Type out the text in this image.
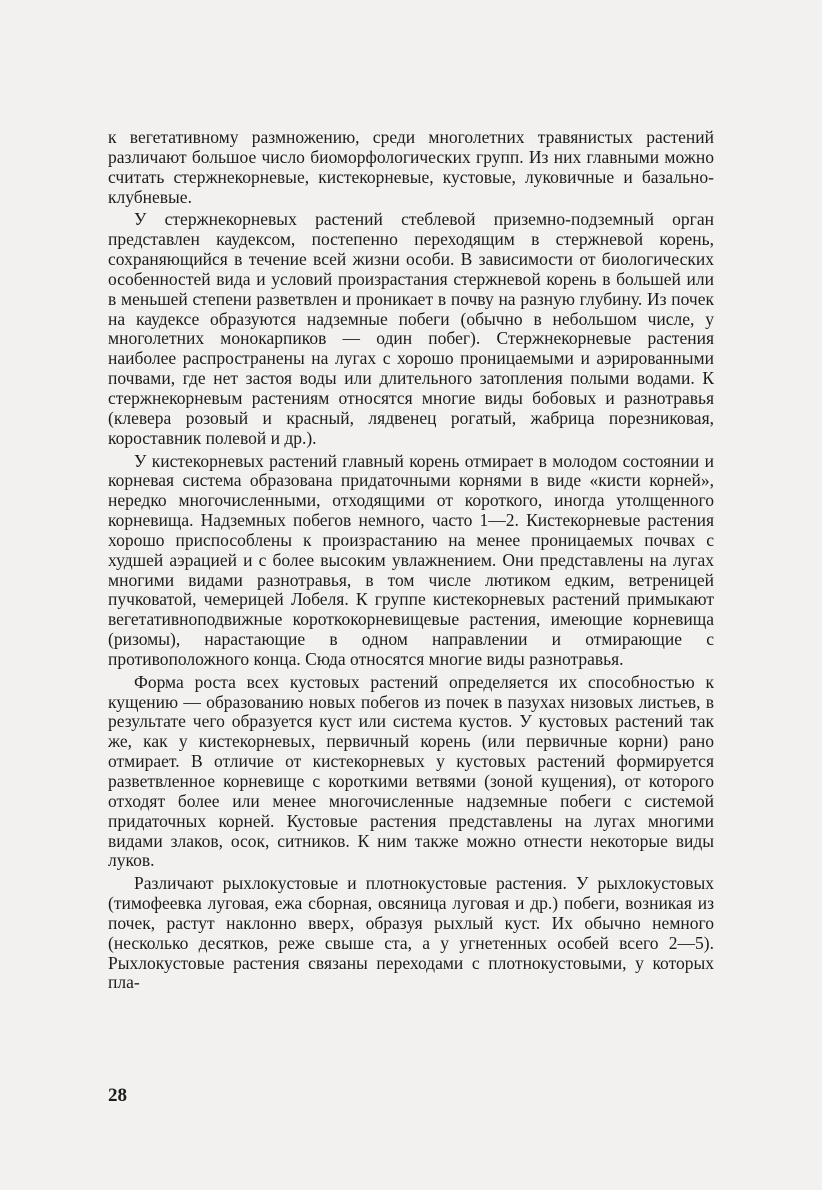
к вегетативному размножению, среди многолетних травянистых растений различают большое число биоморфологических групп. Из них главными можно считать стержнекорневые, кистекорневые, кустовые, луковичные и базально-клубневые.

У стержнекорневых растений стеблевой приземно-подземный орган представлен каудексом, постепенно переходящим в стержневой корень, сохраняющийся в течение всей жизни особи. В зависимости от биологических особенностей вида и условий произрастания стержневой корень в большей или в меньшей степени разветвлен и проникает в почву на разную глубину. Из почек на каудексе образуются надземные побеги (обычно в небольшом числе, у многолетних монокарпиков — один побег). Стержнекорневые растения наиболее распространены на лугах с хорошо проницаемыми и аэрированными почвами, где нет застоя воды или длительного затопления полыми водами. К стержнекорневым растениям относятся многие виды бобовых и разнотравья (клевера розовый и красный, лядвенец рогатый, жабрица порезниковая, короставник полевой и др.).

У кистекорневых растений главный корень отмирает в молодом состоянии и корневая система образована придаточными корнями в виде «кисти корней», нередко многочисленными, отходящими от короткого, иногда утолщенного корневища. Надземных побегов немного, часто 1—2. Кистекорневые растения хорошо приспособлены к произрастанию на менее проницаемых почвах с худшей аэрацией и с более высоким увлажнением. Они представлены на лугах многими видами разнотравья, в том числе лютиком едким, ветреницей пучковатой, чемерицей Лобеля. К группе кистекорневых растений примыкают вегетативноподвижные короткокорневищевые растения, имеющие корневища (ризомы), нарастающие в одном направлении и отмирающие с противоположного конца. Сюда относятся многие виды разнотравья.

Форма роста всех кустовых растений определяется их способностью к кущению — образованию новых побегов из почек в пазухах низовых листьев, в результате чего образуется куст или система кустов. У кустовых растений так же, как у кистекорневых, первичный корень (или первичные корни) рано отмирает. В отличие от кистекорневых у кустовых растений формируется разветвленное корневище с короткими ветвями (зоной кущения), от которого отходят более или менее многочисленные надземные побеги с системой придаточных корней. Кустовые растения представлены на лугах многими видами злаков, осок, ситников. К ним также можно отнести некоторые виды луков.

Различают рыхлокустовые и плотнокустовые растения. У рыхлокустовых (тимофеевка луговая, ежа сборная, овсяница луговая и др.) побеги, возникая из почек, растут наклонно вверх, образуя рыхлый куст. Их обычно немного (несколько десятков, реже свыше ста, а у угнетенных особей всего 2—5). Рыхлокустовые растения связаны переходами с плотнокустовыми, у которых пла-

28
